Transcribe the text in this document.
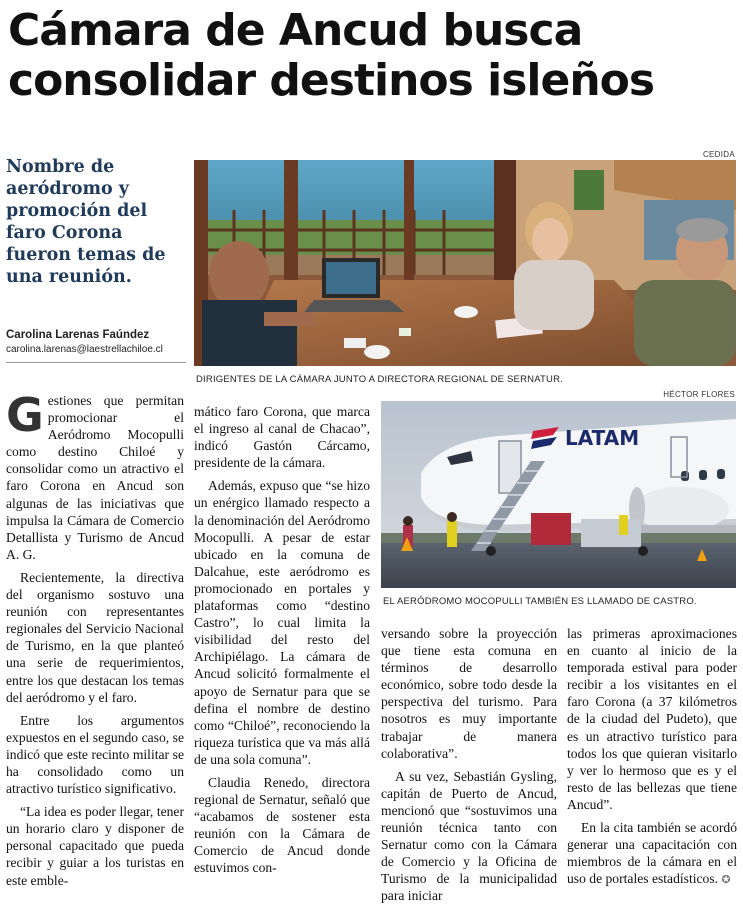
Cámara de Ancud busca consolidar destinos isleños
CEDIDA

Nombre de aeródromo y promoción del faro Corona fueron temas de una reunión.

Carolina Larenas Faúndez
carolina.larenas@laestrellachiloe.cl
DIRIGENTES DE LA CÁMARA JUNTO A DIRECTORA REGIONAL DE SERNATUR.
HÉCTOR FLORES
LATAM
EL AERÓDROMO MOCOPULLI TAMBIÉN ES LLAMADO DE CASTRO.

Gestiones que permitan promocionar el Aeródromo Mocopulli como destino Chiloé y consolidar como un atractivo el faro Corona en Ancud son algunas de las iniciativas que impulsa la Cámara de Comercio Detallista y Turismo de Ancud A. G.

Recientemente, la directiva del organismo sostuvo una reunión con representantes regionales del Servicio Nacional de Turismo, en la que planteó una serie de requerimientos, entre los que destacan los temas del aeródromo y el faro.

Entre los argumentos expuestos en el segundo caso, se indicó que este recinto militar se ha consolidado como un atractivo turístico significativo.

“La idea es poder llegar, tener un horario claro y disponer de personal capacitado que pueda recibir y guiar a los turistas en este emble-

mático faro Corona, que marca el ingreso al canal de Chacao”, indicó Gastón Cárcamo, presidente de la cámara.

Además, expuso que “se hizo un enérgico llamado respecto a la denominación del Aeródromo Mocopulli. A pesar de estar ubicado en la comuna de Dalcahue, este aeródromo es promocionado en portales y plataformas como “destino Castro”, lo cual limita la visibilidad del resto del Archipiélago. La cámara de Ancud solicitó formalmente el apoyo de Sernatur para que se defina el nombre de destino como “Chiloé”, reconociendo la riqueza turística que va más allá de una sola comuna”.

Claudia Renedo, directora regional de Sernatur, señaló que “acabamos de sostener esta reunión con la Cámara de Comercio de Ancud donde estuvimos con-

versando sobre la proyección que tiene esta comuna en términos de desarrollo económico, sobre todo desde la perspectiva del turismo. Para nosotros es muy importante trabajar de manera colaborativa”.

A su vez, Sebastián Gysling, capitán de Puerto de Ancud, mencionó que “sostuvimos una reunión técnica tanto con Sernatur como con la Cámara de Comercio y la Oficina de Turismo de la municipalidad para iniciar

las primeras aproximaciones en cuanto al inicio de la temporada estival para poder recibir a los visitantes en el faro Corona (a 37 kilómetros de la ciudad del Pudeto), que es un atractivo turístico para todos los que quieran visitarlo y ver lo hermoso que es y el resto de las bellezas que tiene Ancud”.

En la cita también se acordó generar una capacitación con miembros de la cámara en el uso de portales estadísticos. ✪
